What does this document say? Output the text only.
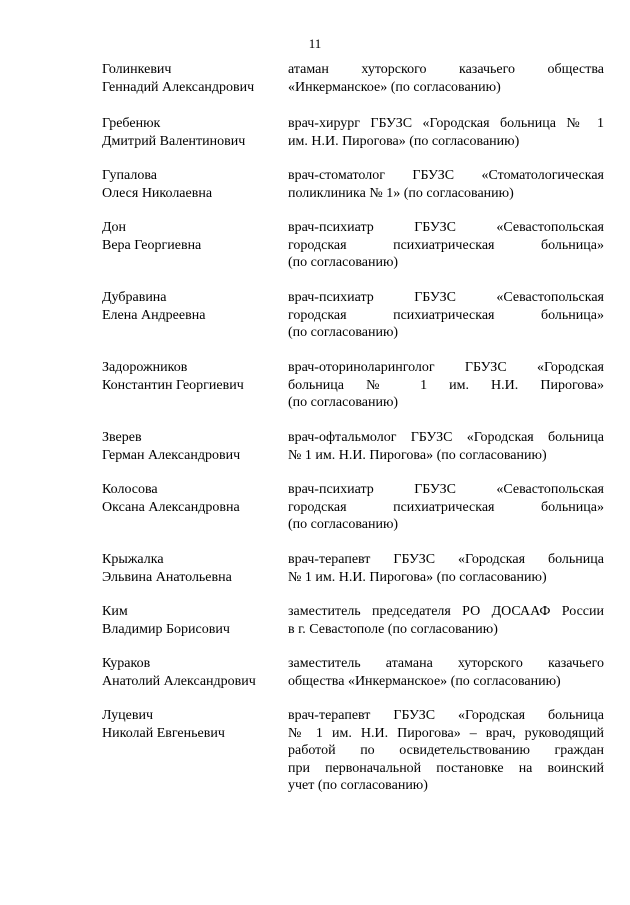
11
Голинкевич
Геннадий Александрович
атаман хуторского казачьего общества
«Инкерманское» (по согласованию)
Гребенюк
Дмитрий Валентинович
врач-хирург ГБУЗС «Городская больница № 1
им. Н.И. Пирогова» (по согласованию)
Гупалова
Олеся Николаевна
врач-стоматолог ГБУЗС «Стоматологическая
поликлиника № 1» (по согласованию)
Дон
Вера Георгиевна
врач-психиатр ГБУЗС «Севастопольская
городская психиатрическая больница»
(по согласованию)
Дубравина
Елена Андреевна
врач-психиатр ГБУЗС «Севастопольская
городская психиатрическая больница»
(по согласованию)
Задорожников
Константин Георгиевич
врач-оториноларинголог ГБУЗС «Городская
больница № 1 им. Н.И. Пирогова»
(по согласованию)
Зверев
Герман Александрович
врач-офтальмолог ГБУЗС «Городская больница
№ 1 им. Н.И. Пирогова» (по согласованию)
Колосова
Оксана Александровна
врач-психиатр ГБУЗС «Севастопольская
городская психиатрическая больница»
(по согласованию)
Крыжалка
Эльвина Анатольевна
врач-терапевт ГБУЗС «Городская больница
№ 1 им. Н.И. Пирогова» (по согласованию)
Ким
Владимир Борисович
заместитель председателя РО ДОСААФ России
в г. Севастополе (по согласованию)
Кураков
Анатолий Александрович
заместитель атамана хуторского казачьего
общества «Инкерманское» (по согласованию)
Луцевич
Николай Евгеньевич
врач-терапевт ГБУЗС «Городская больница
№ 1 им. Н.И. Пирогова» – врач, руководящий
работой по освидетельствованию граждан
при первоначальной постановке на воинский
учет (по согласованию)
